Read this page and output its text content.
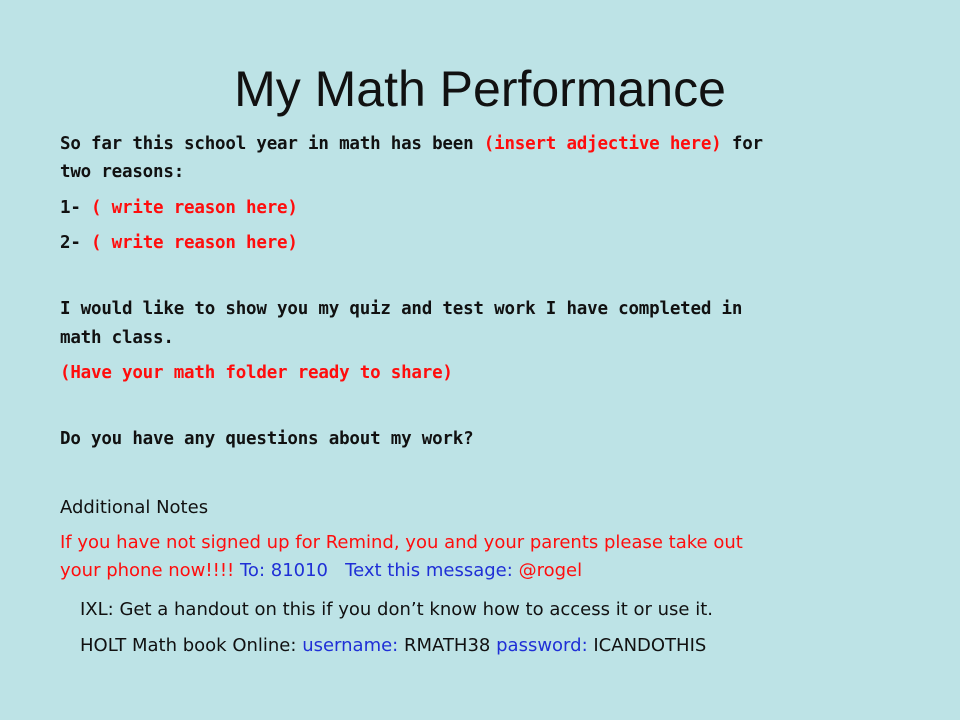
My Math Performance
So far this school year in math has been (insert adjective here) for
two reasons:
1- ( write reason here)
2- ( write reason here)
I would like to show you my quiz and test work I have completed in
math class.
(Have your math folder ready to share)
Do you have any questions about my work?
Additional Notes
If you have not signed up for Remind, you and your parents please take out
your phone now!!!! To: 81010 Text this message: @rogel
IXL: Get a handout on this if you don’t know how to access it or use it.
HOLT Math book Online: username: RMATH38 password: ICANDOTHIS
